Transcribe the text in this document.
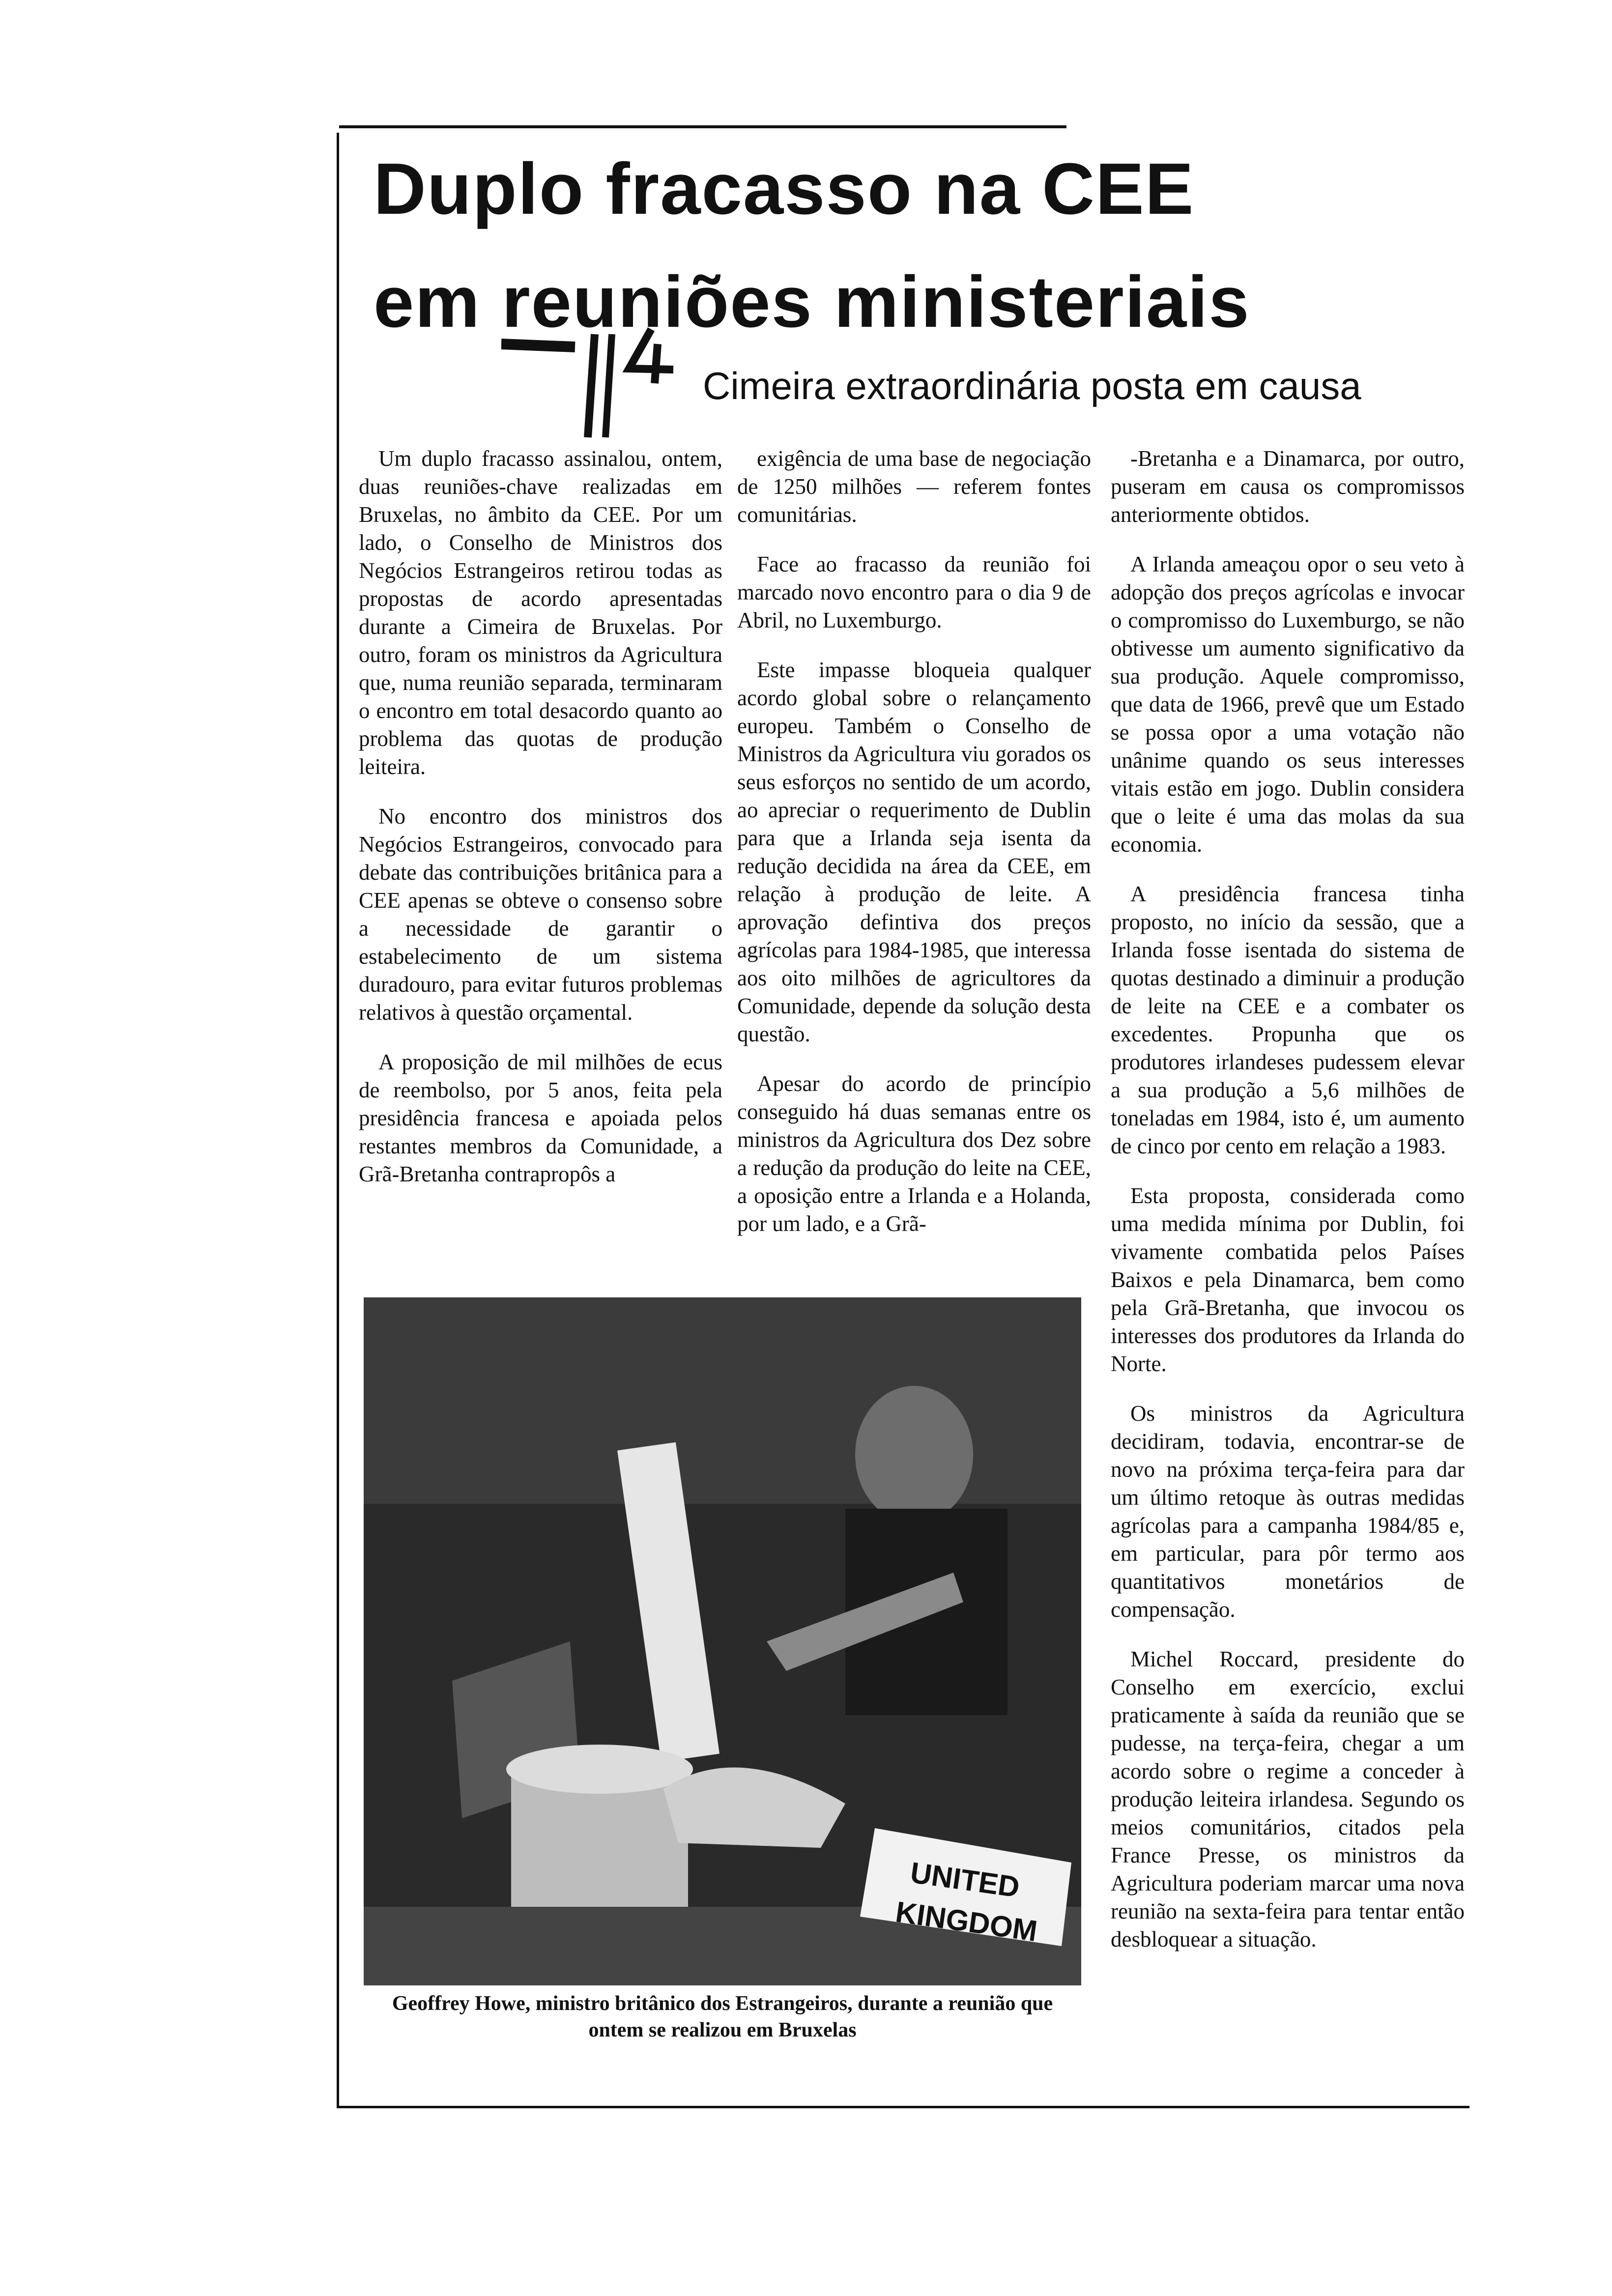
Duplo fracasso na CEE
em reuniões ministeriais
Cimeira extraordinária posta em causa

Um duplo fracasso assinalou, ontem, duas reuniões-chave realizadas em Bruxelas, no âmbito da CEE. Por um lado, o Conselho de Ministros dos Negócios Estrangeiros retirou todas as propostas de acordo apresentadas durante a Cimeira de Bruxelas. Por outro, foram os ministros da Agricultura que, numa reunião separada, terminaram o encontro em total desacordo quanto ao problema das quotas de produção leiteira.

No encontro dos ministros dos Negócios Estrangeiros, convocado para debate das contribuições britânica para a CEE apenas se obteve o consenso sobre a necessidade de garantir o estabelecimento de um sistema duradouro, para evitar futuros problemas relativos à questão orçamental.

A proposição de mil milhões de ecus de reembolso, por 5 anos, feita pela presidência francesa e apoiada pelos restantes membros da Comunidade, a Grã-Bretanha contrapropôs a

exigência de uma base de negociação de 1250 milhões — referem fontes comunitárias.

Face ao fracasso da reunião foi marcado novo encontro para o dia 9 de Abril, no Luxemburgo.

Este impasse bloqueia qualquer acordo global sobre o relançamento europeu. Também o Conselho de Ministros da Agricultura viu gorados os seus esforços no sentido de um acordo, ao apreciar o requerimento de Dublin para que a Irlanda seja isenta da redução decidida na área da CEE, em relação à produção de leite. A aprovação defintiva dos preços agrícolas para 1984-1985, que interessa aos oito milhões de agricultores da Comunidade, depende da solução desta questão.

Apesar do acordo de princípio conseguido há duas semanas entre os ministros da Agricultura dos Dez sobre a redução da produção do leite na CEE, a oposição entre a Irlanda e a Holanda, por um lado, e a Grã-

-Bretanha e a Dinamarca, por outro, puseram em causa os compromissos anteriormente obtidos.

A Irlanda ameaçou opor o seu veto à adopção dos preços agrícolas e invocar o compromisso do Luxemburgo, se não obtivesse um aumento significativo da sua produção. Aquele compromisso, que data de 1966, prevê que um Estado se possa opor a uma votação não unânime quando os seus interesses vitais estão em jogo. Dublin considera que o leite é uma das molas da sua economia.

A presidência francesa tinha proposto, no início da sessão, que a Irlanda fosse isentada do sistema de quotas destinado a diminuir a produção de leite na CEE e a combater os excedentes. Propunha que os produtores irlandeses pudessem elevar a sua produção a 5,6 milhões de toneladas em 1984, isto é, um aumento de cinco por cento em relação a 1983.

Esta proposta, considerada como uma medida mínima por Dublin, foi vivamente combatida pelos Países Baixos e pela Dinamarca, bem como pela Grã-Bretanha, que invocou os interesses dos produtores da Irlanda do Norte.

Os ministros da Agricultura decidiram, todavia, encontrar-se de novo na próxima terça-feira para dar um último retoque às outras medidas agrícolas para a campanha 1984/85 e, em particular, para pôr termo aos quantitativos monetários de compensação.

Michel Roccard, presidente do Conselho em exercício, exclui praticamente à saída da reunião que se pudesse, na terça-feira, chegar a um acordo sobre o regime a conceder à produção leiteira irlandesa. Segundo os meios comunitários, citados pela France Presse, os ministros da Agricultura poderiam marcar uma nova reunião na sexta-feira para tentar então desbloquear a situação.

UNITED
KINGDOM
Geoffrey Howe, ministro britânico dos Estrangeiros, durante a reunião que ontem se realizou em Bruxelas
